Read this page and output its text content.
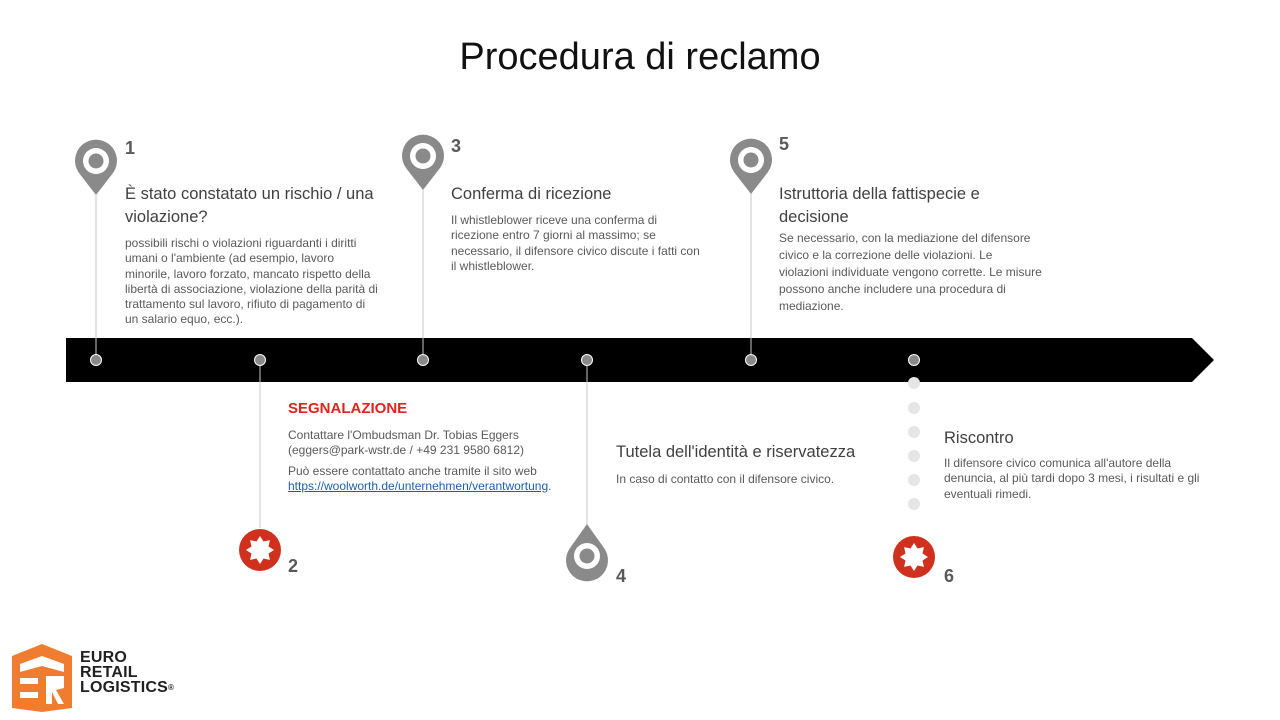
Procedura di reclamo
1
È stato constatato un rischio / una violazione?
possibili rischi o violazioni riguardanti i diritti umani o l'ambiente (ad esempio, lavoro minorile, lavoro forzato, mancato rispetto della libertà di associazione, violazione della parità di trattamento sul lavoro, rifiuto di pagamento di un salario equo, ecc.).
SEGNALAZIONE
Contattare l'Ombudsman Dr. Tobias Eggers
(eggers@park-wstr.de / +49 231 9580 6812)
Può essere contattato anche tramite il sito web
https://woolworth.de/unternehmen/verantwortung.
2
3
Conferma di ricezione
Il whistleblower riceve una conferma di ricezione entro 7 giorni al massimo; se necessario, il difensore civico discute i fatti con il whistleblower.
Tutela dell'identità e riservatezza
In caso di contatto con il difensore civico.
4
5
Istruttoria della fattispecie e decisione
Se necessario, con la mediazione del difensore civico e la correzione delle violazioni. Le violazioni individuate vengono corrette. Le misure possono anche includere una procedura di mediazione.
Riscontro
Il difensore civico comunica all'autore della denuncia, al più tardi dopo 3 mesi, i risultati e gli eventuali rimedi.
6
EURO
RETAIL
LOGISTICS®
